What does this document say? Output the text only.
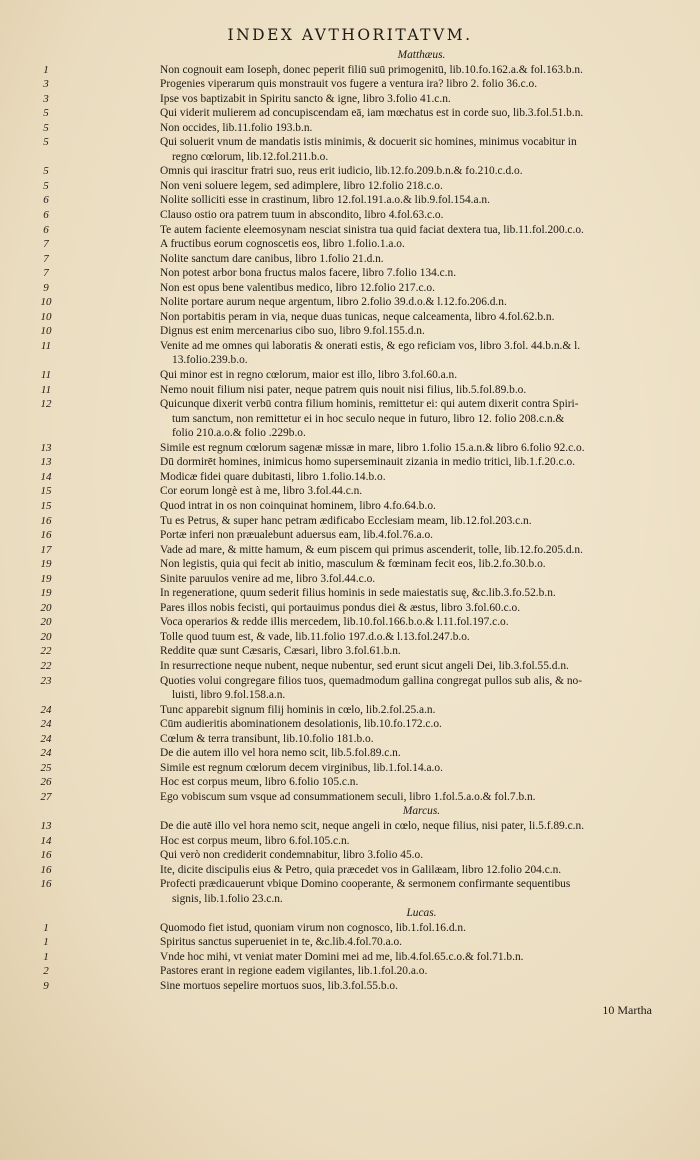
INDEX AVTHORITATVM.
Matthæus.
1	Non cognouit eam Ioseph, donec peperit filiū suū primogenitū, lib.10.fo.162.a.& fol.163.b.n.
3	Progenies viperarum quis monstrauit vos fugere a ventura ira? libro 2. folio 36.c.o.
3	Ipse vos baptizabit in Spiritu sancto & igne, libro 3.folio 41.c.n.
5	Qui viderit mulierem ad concupiscendam eā, iam mœchatus est in corde suo, lib.3.fol.51.b.n.
5	Non occides, lib.11.folio 193.b.n.
5	Qui soluerit vnum de mandatis istis minimis, & docuerit sic homines, minimus vocabitur in
regno cœlorum, lib.12.fol.211.b.o.
5	Omnis qui irascitur fratri suo, reus erit iudicio, lib.12.fo.209.b.n.& fo.210.c.d.o.
5	Non veni soluere legem, sed adimplere, libro 12.folio 218.c.o.
6	Nolite solliciti esse in crastinum, libro 12.fol.191.a.o.& lib.9.fol.154.a.n.
6	Clauso ostio ora patrem tuum in abscondito, libro 4.fol.63.c.o.
6	Te autem faciente eleemosynam nesciat sinistra tua quid faciat dextera tua, lib.11.fol.200.c.o.
7	A fructibus eorum cognoscetis eos, libro 1.folio.1.a.o.
7	Nolite sanctum dare canibus, libro 1.folio 21.d.n.
7	Non potest arbor bona fructus malos facere, libro 7.folio 134.c.n.
9	Non est opus bene valentibus medico, libro 12.folio 217.c.o.
10	Nolite portare aurum neque argentum, libro 2.folio 39.d.o.& l.12.fo.206.d.n.
10	Non portabitis peram in via, neque duas tunicas, neque calceamenta, libro 4.fol.62.b.n.
10	Dignus est enim mercenarius cibo suo, libro 9.fol.155.d.n.
11	Venite ad me omnes qui laboratis & onerati estis, & ego reficiam vos, libro 3.fol. 44.b.n.& l.
13.folio.239.b.o.
11	Qui minor est in regno cœlorum, maior est illo, libro 3.fol.60.a.n.
11	Nemo nouit filium nisi pater, neque patrem quis nouit nisi filius, lib.5.fol.89.b.o.
12	Quicunque dixerit verbū contra filium hominis, remittetur ei: qui autem dixerit contra Spiri-
tum sanctum, non remittetur ei in hoc seculo neque in futuro, libro 12. folio 208.c.n.&
folio 210.a.o.& folio .229b.o.
13	Simile est regnum cœlorum sagenæ missæ in mare, libro 1.folio 15.a.n.& libro 6.folio 92.c.o.
13	Dū dormirēt homines, inimicus homo superseminauit zizania in medio tritici, lib.1.f.20.c.o.
14	Modicæ fidei quare dubitasti, libro 1.folio.14.b.o.
15	Cor eorum longè est à me, libro 3.fol.44.c.n.
15	Quod intrat in os non coinquinat hominem, libro 4.fo.64.b.o.
16	Tu es Petrus, & super hanc petram ædificabo Ecclesiam meam, lib.12.fol.203.c.n.
16	Portæ inferi non præualebunt aduersus eam, lib.4.fol.76.a.o.
17	Vade ad mare, & mitte hamum, & eum piscem qui primus ascenderit, tolle, lib.12.fo.205.d.n.
19	Non legistis, quia qui fecit ab initio, masculum & fœminam fecit eos, lib.2.fo.30.b.o.
19	Sinite paruulos venire ad me, libro 3.fol.44.c.o.
19	In regeneratione, quum sederit filius hominis in sede maiestatis suę, &c.lib.3.fo.52.b.n.
20	Pares illos nobis fecisti, qui portauimus pondus diei & æstus, libro 3.fol.60.c.o.
20	Voca operarios & redde illis mercedem, lib.10.fol.166.b.o.& l.11.fol.197.c.o.
20	Tolle quod tuum est, & vade, lib.11.folio 197.d.o.& l.13.fol.247.b.o.
22	Reddite quæ sunt Cæsaris, Cæsari, libro 3.fol.61.b.n.
22	In resurrectione neque nubent, neque nubentur, sed erunt sicut angeli Dei, lib.3.fol.55.d.n.
23	Quoties volui congregare filios tuos, quemadmodum gallina congregat pullos sub alis, & no-
luisti, libro 9.fol.158.a.n.
24	Tunc apparebit signum filij hominis in cœlo, lib.2.fol.25.a.n.
24	Cūm audieritis abominationem desolationis, lib.10.fo.172.c.o.
24	Cœlum & terra transibunt, lib.10.folio 181.b.o.
24	De die autem illo vel hora nemo scit, lib.5.fol.89.c.n.
25	Simile est regnum cœlorum decem virginibus, lib.1.fol.14.a.o.
26	Hoc est corpus meum, libro 6.folio 105.c.n.
27	Ego vobiscum sum vsque ad consummationem seculi, libro 1.fol.5.a.o.& fol.7.b.n.
Marcus.
13	De die autē illo vel hora nemo scit, neque angeli in cœlo, neque filius, nisi pater, li.5.f.89.c.n.
14	Hoc est corpus meum, libro 6.fol.105.c.n.
16	Qui verò non crediderit condemnabitur, libro 3.folio 45.o.
16	Ite, dicite discipulis eius & Petro, quia præcedet vos in Galilæam, libro 12.folio 204.c.n.
16	Profecti prædicauerunt vbique Domino cooperante, & sermonem confirmante sequentibus
signis, lib.1.folio 23.c.n.
Lucas.
1	Quomodo fiet istud, quoniam virum non cognosco, lib.1.fol.16.d.n.
1	Spiritus sanctus superueniet in te, &c.lib.4.fol.70.a.o.
1	Vnde hoc mihi, vt veniat mater Domini mei ad me, lib.4.fol.65.c.o.& fol.71.b.n.
2	Pastores erant in regione eadem vigilantes, lib.1.fol.20.a.o.
9	Sine mortuos sepelire mortuos suos, lib.3.fol.55.b.o.
10 Martha
